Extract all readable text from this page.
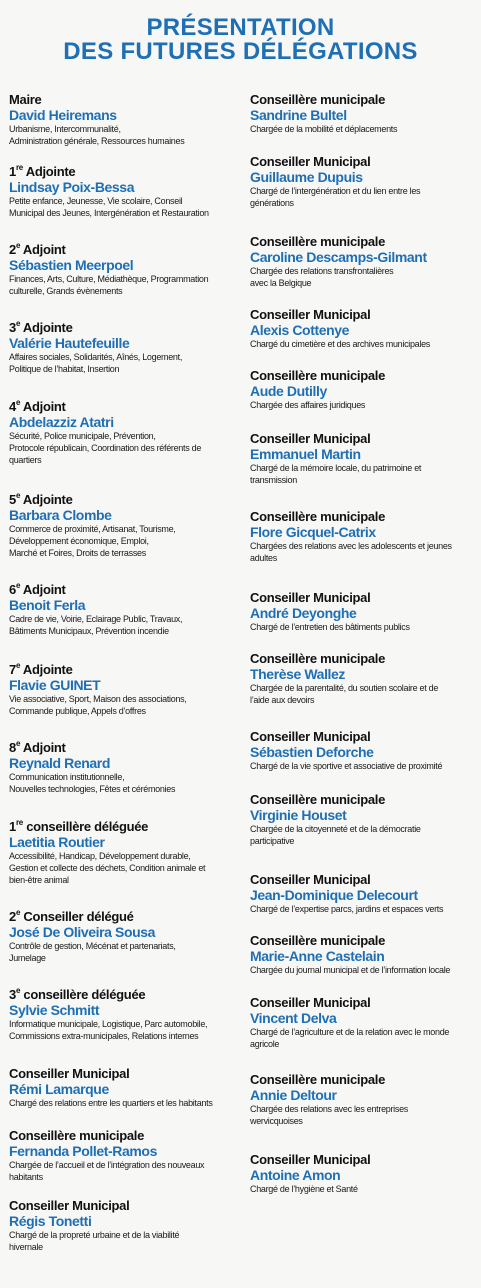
PRÉSENTATION
DES FUTURES DÉLÉGATIONS
Maire
David Heiremans
Urbanisme, Intercommunalité,
Administration générale, Ressources humaines
1re Adjointe
Lindsay Poix-Bessa
Petite enfance, Jeunesse, Vie scolaire, Conseil
Municipal des Jeunes, Intergénération et Restauration
2e Adjoint
Sébastien Meerpoel
Finances, Arts, Culture, Médiathèque, Programmation
culturelle, Grands évènements
3e Adjointe
Valérie Hautefeuille
Affaires sociales, Solidarités, Aînés, Logement,
Politique de l’habitat, Insertion
4e Adjoint
Abdelazziz Atatri
Sécurité, Police municipale, Prévention,
Protocole républicain, Coordination des référents de
quartiers
5e Adjointe
Barbara Clombe
Commerce de proximité, Artisanat, Tourisme,
Développement économique, Emploi,
Marché et Foires, Droits de terrasses
6e Adjoint
Benoit Ferla
Cadre de vie, Voirie, Eclairage Public, Travaux,
Bâtiments Municipaux, Prévention incendie
7e Adjointe
Flavie GUINET
Vie associative, Sport, Maison des associations,
Commande publique, Appels d’offres
8e Adjoint
Reynald Renard
Communication institutionnelle,
Nouvelles technologies, Fêtes et cérémonies
1re conseillère déléguée
Laetitia Routier
Accessibilité, Handicap, Développement durable,
Gestion et collecte des déchets, Condition animale et
bien-être animal
2e Conseiller délégué
José De Oliveira Sousa
Contrôle de gestion, Mécénat et partenariats,
Jumelage
3e conseillère déléguée
Sylvie Schmitt
Informatique municipale, Logistique, Parc automobile,
Commissions extra-municipales, Relations internes
Conseiller Municipal
Rémi Lamarque
Chargé des relations entre les quartiers et les habitants
Conseillère municipale
Fernanda Pollet-Ramos
Chargée de l’accueil et de l’intégration des nouveaux
habitants
Conseiller Municipal
Régis Tonetti
Chargé de la propreté urbaine et de la viabilité
hivernale
Conseillère municipale
Sandrine Bultel
Chargée de la mobilité et déplacements
Conseiller Municipal
Guillaume Dupuis
Chargé de l’intergénération et du lien entre les
générations
Conseillère municipale
Caroline Descamps-Gilmant
Chargée des relations transfrontalières
avec la Belgique
Conseiller Municipal
Alexis Cottenye
Chargé du cimetière et des archives municipales
Conseillère municipale
Aude Dutilly
Chargée des affaires juridiques
Conseiller Municipal
Emmanuel Martin
Chargé de la mémoire locale, du patrimoine et
transmission
Conseillère municipale
Flore Gicquel-Catrix
Chargées des relations avec les adolescents et jeunes
adultes
Conseiller Municipal
André Deyonghe
Chargé de l’entretien des bâtiments publics
Conseillère municipale
Therèse Wallez
Chargée de la parentalité, du soutien scolaire et de
l’aide aux devoirs
Conseiller Municipal
Sébastien Deforche
Chargé de la vie sportive et associative de proximité
Conseillère municipale
Virginie Houset
Chargée de la citoyenneté et de la démocratie
participative
Conseiller Municipal
Jean-Dominique Delecourt
Chargé de l’expertise parcs, jardins et espaces verts
Conseillère municipale
Marie-Anne Castelain
Chargée du journal municipal et de l’information locale
Conseiller Municipal
Vincent Delva
Chargé de l’agriculture et de la relation avec le monde
agricole
Conseillère municipale
Annie Deltour
Chargée des relations avec les entreprises
wervicquoises
Conseiller Municipal
Antoine Amon
Chargé de l’hygiène et Santé
